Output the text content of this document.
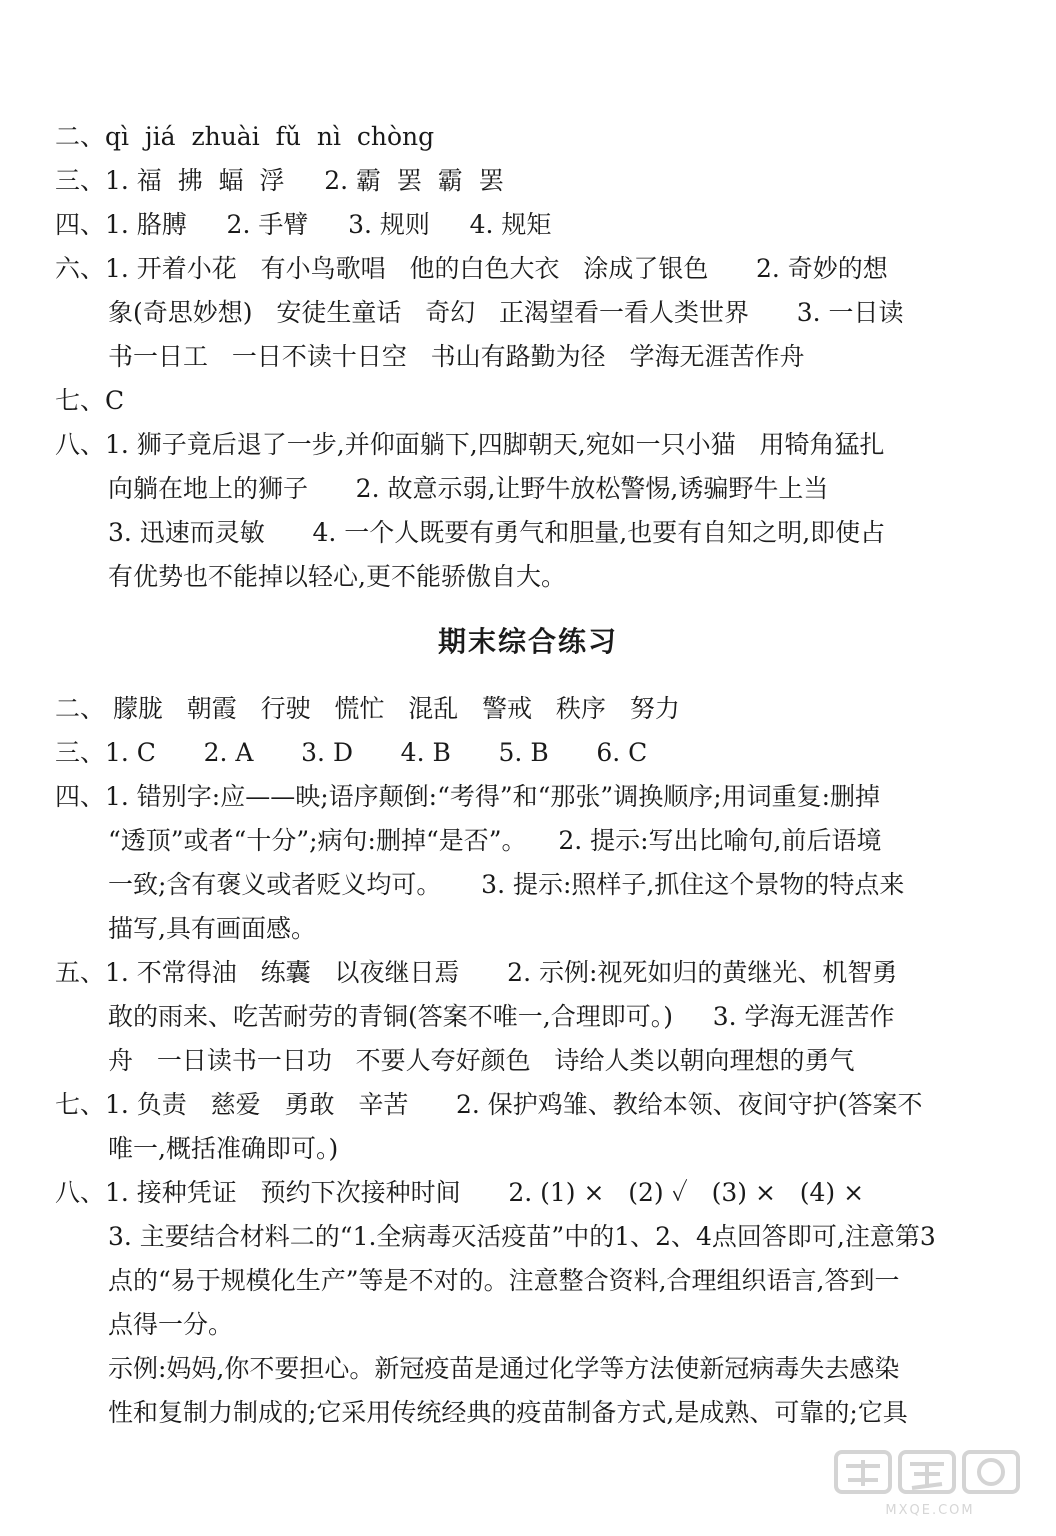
二、qì  jiá  zhuài  fǔ  nì  chòng
三、1. 福  拂  蝠  浮     2. 霸  罢  霸  罢
四、1. 胳膊     2. 手臂     3. 规则     4. 规矩
六、1. 开着小花   有小鸟歌唱   他的白色大衣   涂成了银色      2. 奇妙的想
象(奇思妙想)   安徒生童话   奇幻   正渴望看一看人类世界      3. 一日读
书一日工   一日不读十日空   书山有路勤为径   学海无涯苦作舟
七、C
八、1. 狮子竟后退了一步,并仰面躺下,四脚朝天,宛如一只小猫   用犄角猛扎
向躺在地上的狮子      2. 故意示弱,让野牛放松警惕,诱骗野牛上当
3. 迅速而灵敏      4. 一个人既要有勇气和胆量,也要有自知之明,即使占
有优势也不能掉以轻心,更不能骄傲自大。
期末综合练习
二、 朦胧   朝霞   行驶   慌忙   混乱   警戒   秩序   努力
三、1. C      2. A      3. D      4. B      5. B      6. C
四、1. 错别字:应——映;语序颠倒:“考得”和“那张”调换顺序;用词重复:删掉
“透顶”或者“十分”;病句:删掉“是否”。    2. 提示:写出比喻句,前后语境
一致;含有褒义或者贬义均可。     3. 提示:照样子,抓住这个景物的特点来
描写,具有画面感。
五、1. 不常得油   练囊   以夜继日焉      2. 示例:视死如归的黄继光、机智勇
敢的雨来、吃苦耐劳的青铜(答案不唯一,合理即可。)     3. 学海无涯苦作
舟   一日读书一日功   不要人夸好颜色   诗给人类以朝向理想的勇气
七、1. 负责   慈爱   勇敢   辛苦      2. 保护鸡雏、教给本领、夜间守护(答案不
唯一,概括准确即可。)
八、1. 接种凭证   预约下次接种时间      2. (1) ×   (2) ✓   (3) ×   (4) ×
3. 主要结合材料二的“1.全病毒灭活疫苗”中的1、2、4点回答即可,注意第3
点的“易于规模化生产”等是不对的。注意整合资料,合理组织语言,答到一
点得一分。
示例:妈妈,你不要担心。新冠疫苗是通过化学等方法使新冠病毒失去感染
性和复制力制成的;它采用传统经典的疫苗制备方式,是成熟、可靠的;它具
MXQE.COM
